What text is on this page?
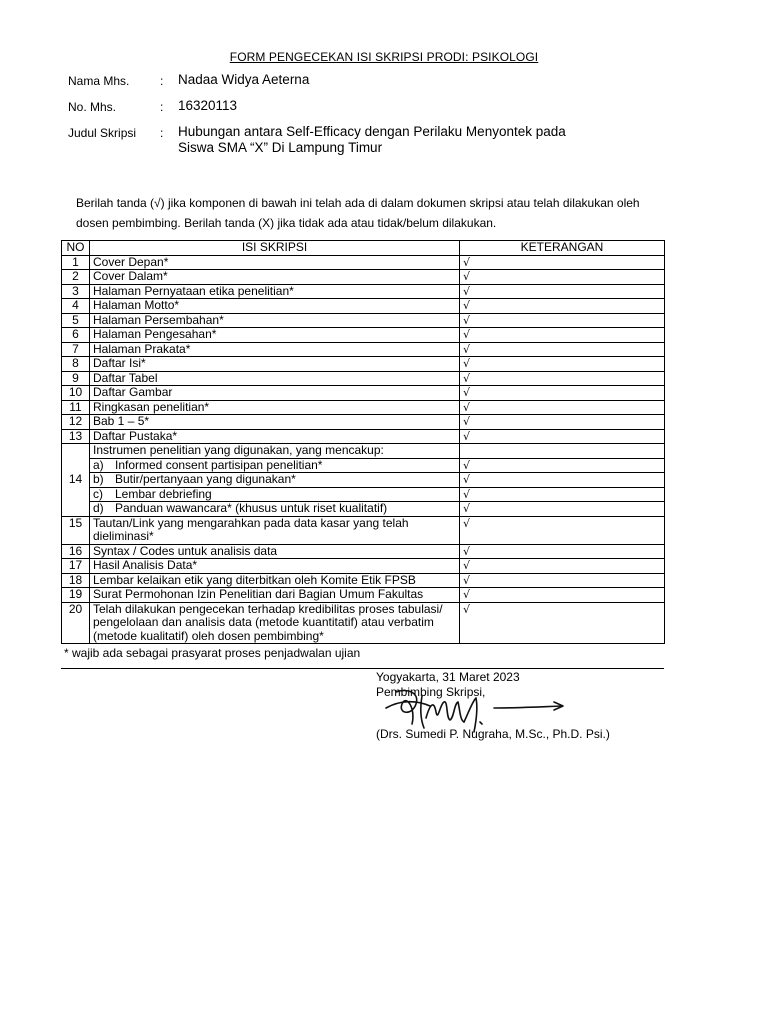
FORM PENGECEKAN ISI SKRIPSI PRODI: PSIKOLOGI
Nama Mhs.	: Nadaa Widya Aeterna
No. Mhs.	: 16320113
Judul Skripsi	: Hubungan antara Self-Efficacy dengan Perilaku Menyontek pada
Siswa SMA “X” Di Lampung Timur
Berilah tanda (√) jika komponen di bawah ini telah ada di dalam dokumen skripsi atau telah dilakukan oleh dosen pembimbing. Berilah tanda (X) jika tidak ada atau tidak/belum dilakukan.
NO	ISI SKRIPSI	KETERANGAN
1	Cover Depan*	√
2	Cover Dalam*	√
3	Halaman Pernyataan etika penelitian*	√
4	Halaman Motto*	√
5	Halaman Persembahan*	√
6	Halaman Pengesahan*	√
7	Halaman Prakata*	√
8	Daftar Isi*	√
9	Daftar Tabel	√
10	Daftar Gambar	√
11	Ringkasan penelitian*	√
12	Bab 1 – 5*	√
13	Daftar Pustaka*	√
14	Instrumen penelitian yang digunakan, yang mencakup:	
	a) Informed consent partisipan penelitian*	√
	b) Butir/pertanyaan yang digunakan*	√
	c) Lembar debriefing	√
	d) Panduan wawancara* (khusus untuk riset kualitatif)	√
15	Tautan/Link yang mengarahkan pada data kasar yang telah
dieliminasi*	√
16	Syntax / Codes untuk analisis data	√
17	Hasil Analisis Data*	√
18	Lembar kelaikan etik yang diterbitkan oleh Komite Etik FPSB	√
19	Surat Permohonan Izin Penelitian dari Bagian Umum Fakultas	√
20	Telah dilakukan pengecekan terhadap kredibilitas proses tabulasi/
pengelolaan dan analisis data (metode kuantitatif) atau verbatim
(metode kualitatif) oleh dosen pembimbing*	√
* wajib ada sebagai prasyarat proses penjadwalan ujian
Yogyakarta, 31 Maret 2023
Pembimbing Skripsi,
(Drs. Sumedi P. Nugraha, M.Sc., Ph.D. Psi.)
